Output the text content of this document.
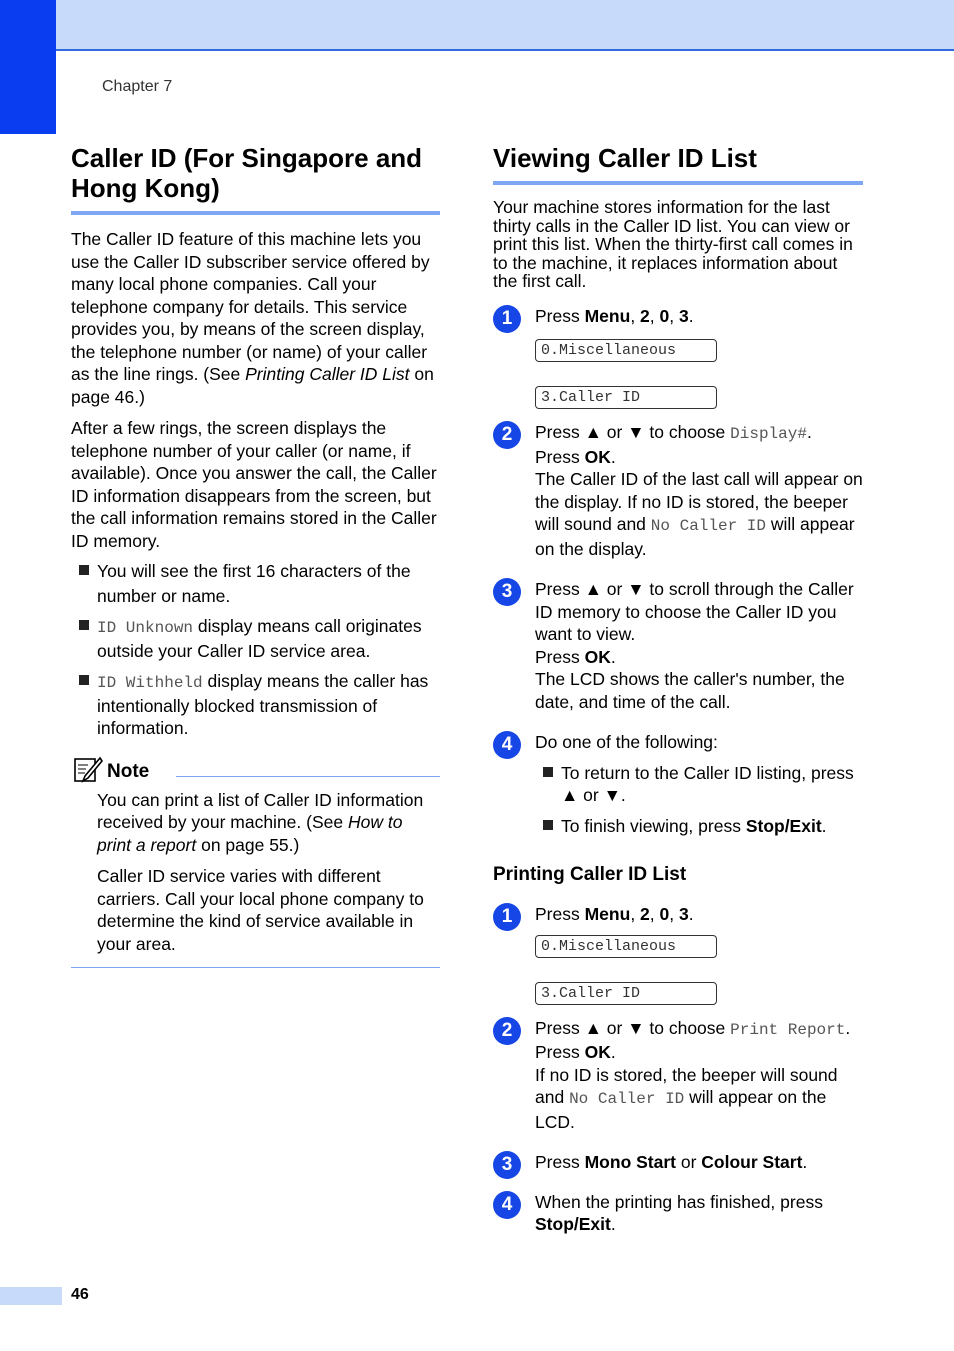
Chapter 7
Caller ID (For Singapore and Hong Kong)

The Caller ID feature of this machine lets you use the Caller ID subscriber service offered by many local phone companies. Call your telephone company for details. This service provides you, by means of the screen display, the telephone number (or name) of your caller as the line rings. (See Printing Caller ID List on page 46.)

After a few rings, the screen displays the telephone number of your caller (or name, if available). Once you answer the call, the Caller ID information disappears from the screen, but the call information remains stored in the Caller ID memory.

You will see the first 16 characters of the number or name.
ID Unknown display means call originates outside your Caller ID service area.
ID Withheld display means the caller has intentionally blocked transmission of information.
Note

You can print a list of Caller ID information received by your machine. (See How to print a report on page 55.)

Caller ID service varies with different carriers. Call your local phone company to determine the kind of service available in your area.

Viewing Caller ID List

Your machine stores information for the last thirty calls in the Caller ID list. You can view or print this list. When the thirty-first call comes in to the machine, it replaces information about the first call.

1	Press Menu, 2, 0, 3.

0.Miscellaneous
3.Caller ID
2	Press ▲ or ▼ to choose Display#.

Press OK.

The Caller ID of the last call will appear on the display. If no ID is stored, the beeper will sound and No Caller ID will appear on the display.

3	Press ▲ or ▼ to scroll through the Caller ID memory to choose the Caller ID you want to view.

Press OK.

The LCD shows the caller's number, the date, and time of the call.

4	Do one of the following:

To return to the Caller ID listing, press ▲ or ▼.
To finish viewing, press Stop/Exit.
Printing Caller ID List
1	Press Menu, 2, 0, 3.

0.Miscellaneous
3.Caller ID
2	Press ▲ or ▼ to choose Print Report.

Press OK.

If no ID is stored, the beeper will sound and No Caller ID will appear on the LCD.

3	Press Mono Start or Colour Start.

4	When the printing has finished, press Stop/Exit.

46
